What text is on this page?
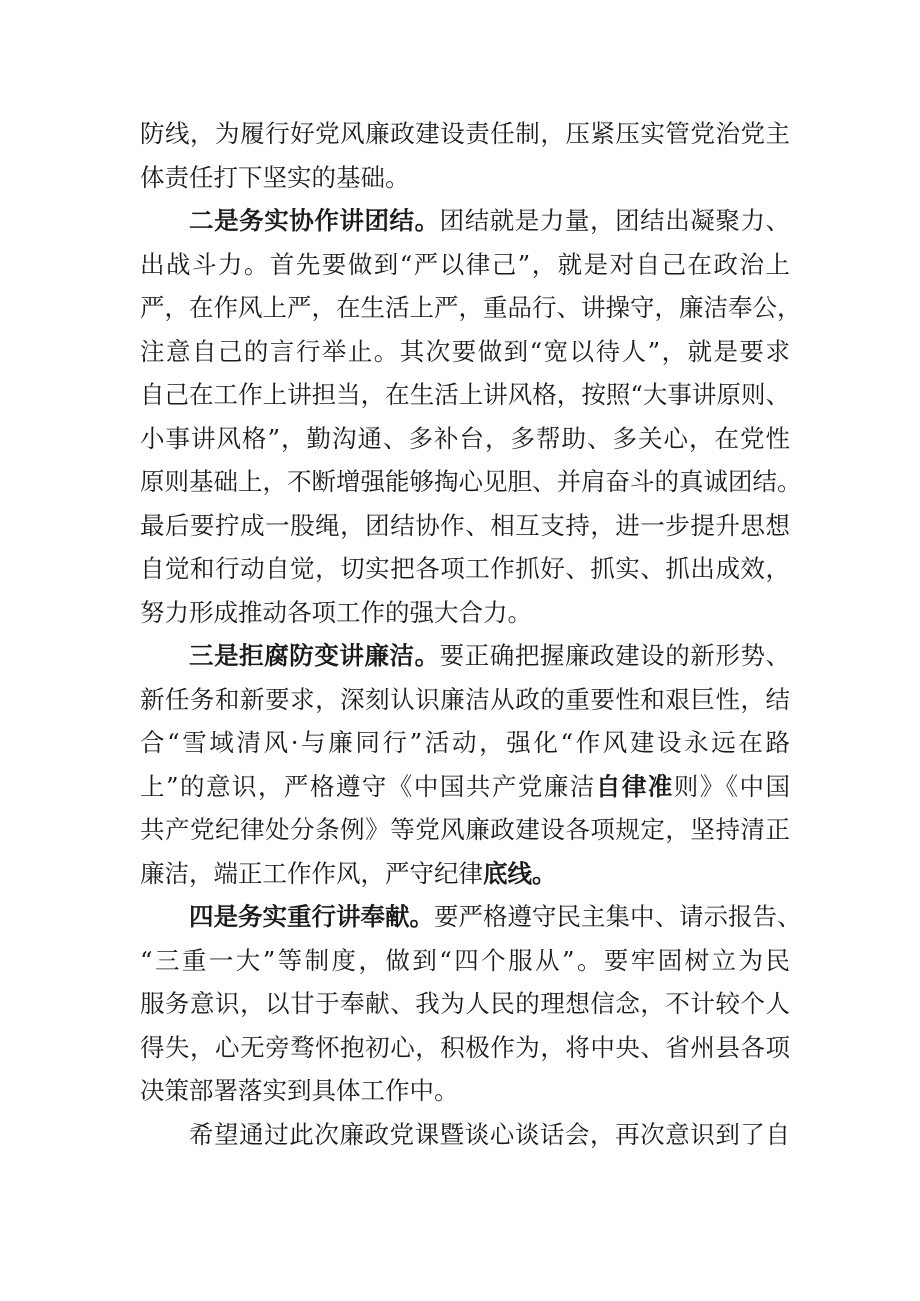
防线，为履行好党风廉政建设责任制，压紧压实管党治党主
体责任打下坚实的基础。
二是务实协作讲团结。团结就是力量，团结出凝聚力、
出战斗力。首先要做到“严以律己”，就是对自己在政治上
严，在作风上严，在生活上严，重品行、讲操守，廉洁奉公，
注意自己的言行举止。其次要做到“宽以待人”，就是要求
自己在工作上讲担当，在生活上讲风格，按照“大事讲原则、
小事讲风格”，勤沟通、多补台，多帮助、多关心，在党性
原则基础上，不断增强能够掏心见胆、并肩奋斗的真诚团结。
最后要拧成一股绳，团结协作、相互支持，进一步提升思想
自觉和行动自觉，切实把各项工作抓好、抓实、抓出成效，
努力形成推动各项工作的强大合力。
三是拒腐防变讲廉洁。要正确把握廉政建设的新形势、
新任务和新要求，深刻认识廉洁从政的重要性和艰巨性，结
合“雪域清风·与廉同行”活动，强化“作风建设永远在路
上”的意识，严格遵守《中国共产党廉洁自律准则》《中国
共产党纪律处分条例》等党风廉政建设各项规定，坚持清正
廉洁，端正工作作风，严守纪律底线。
四是务实重行讲奉献。要严格遵守民主集中、请示报告、
“三重一大”等制度，做到“四个服从”。要牢固树立为民
服务意识，以甘于奉献、我为人民的理想信念，不计较个人
得失，心无旁骛怀抱初心，积极作为，将中央、省州县各项
决策部署落实到具体工作中。
希望通过此次廉政党课暨谈心谈话会，再次意识到了自
